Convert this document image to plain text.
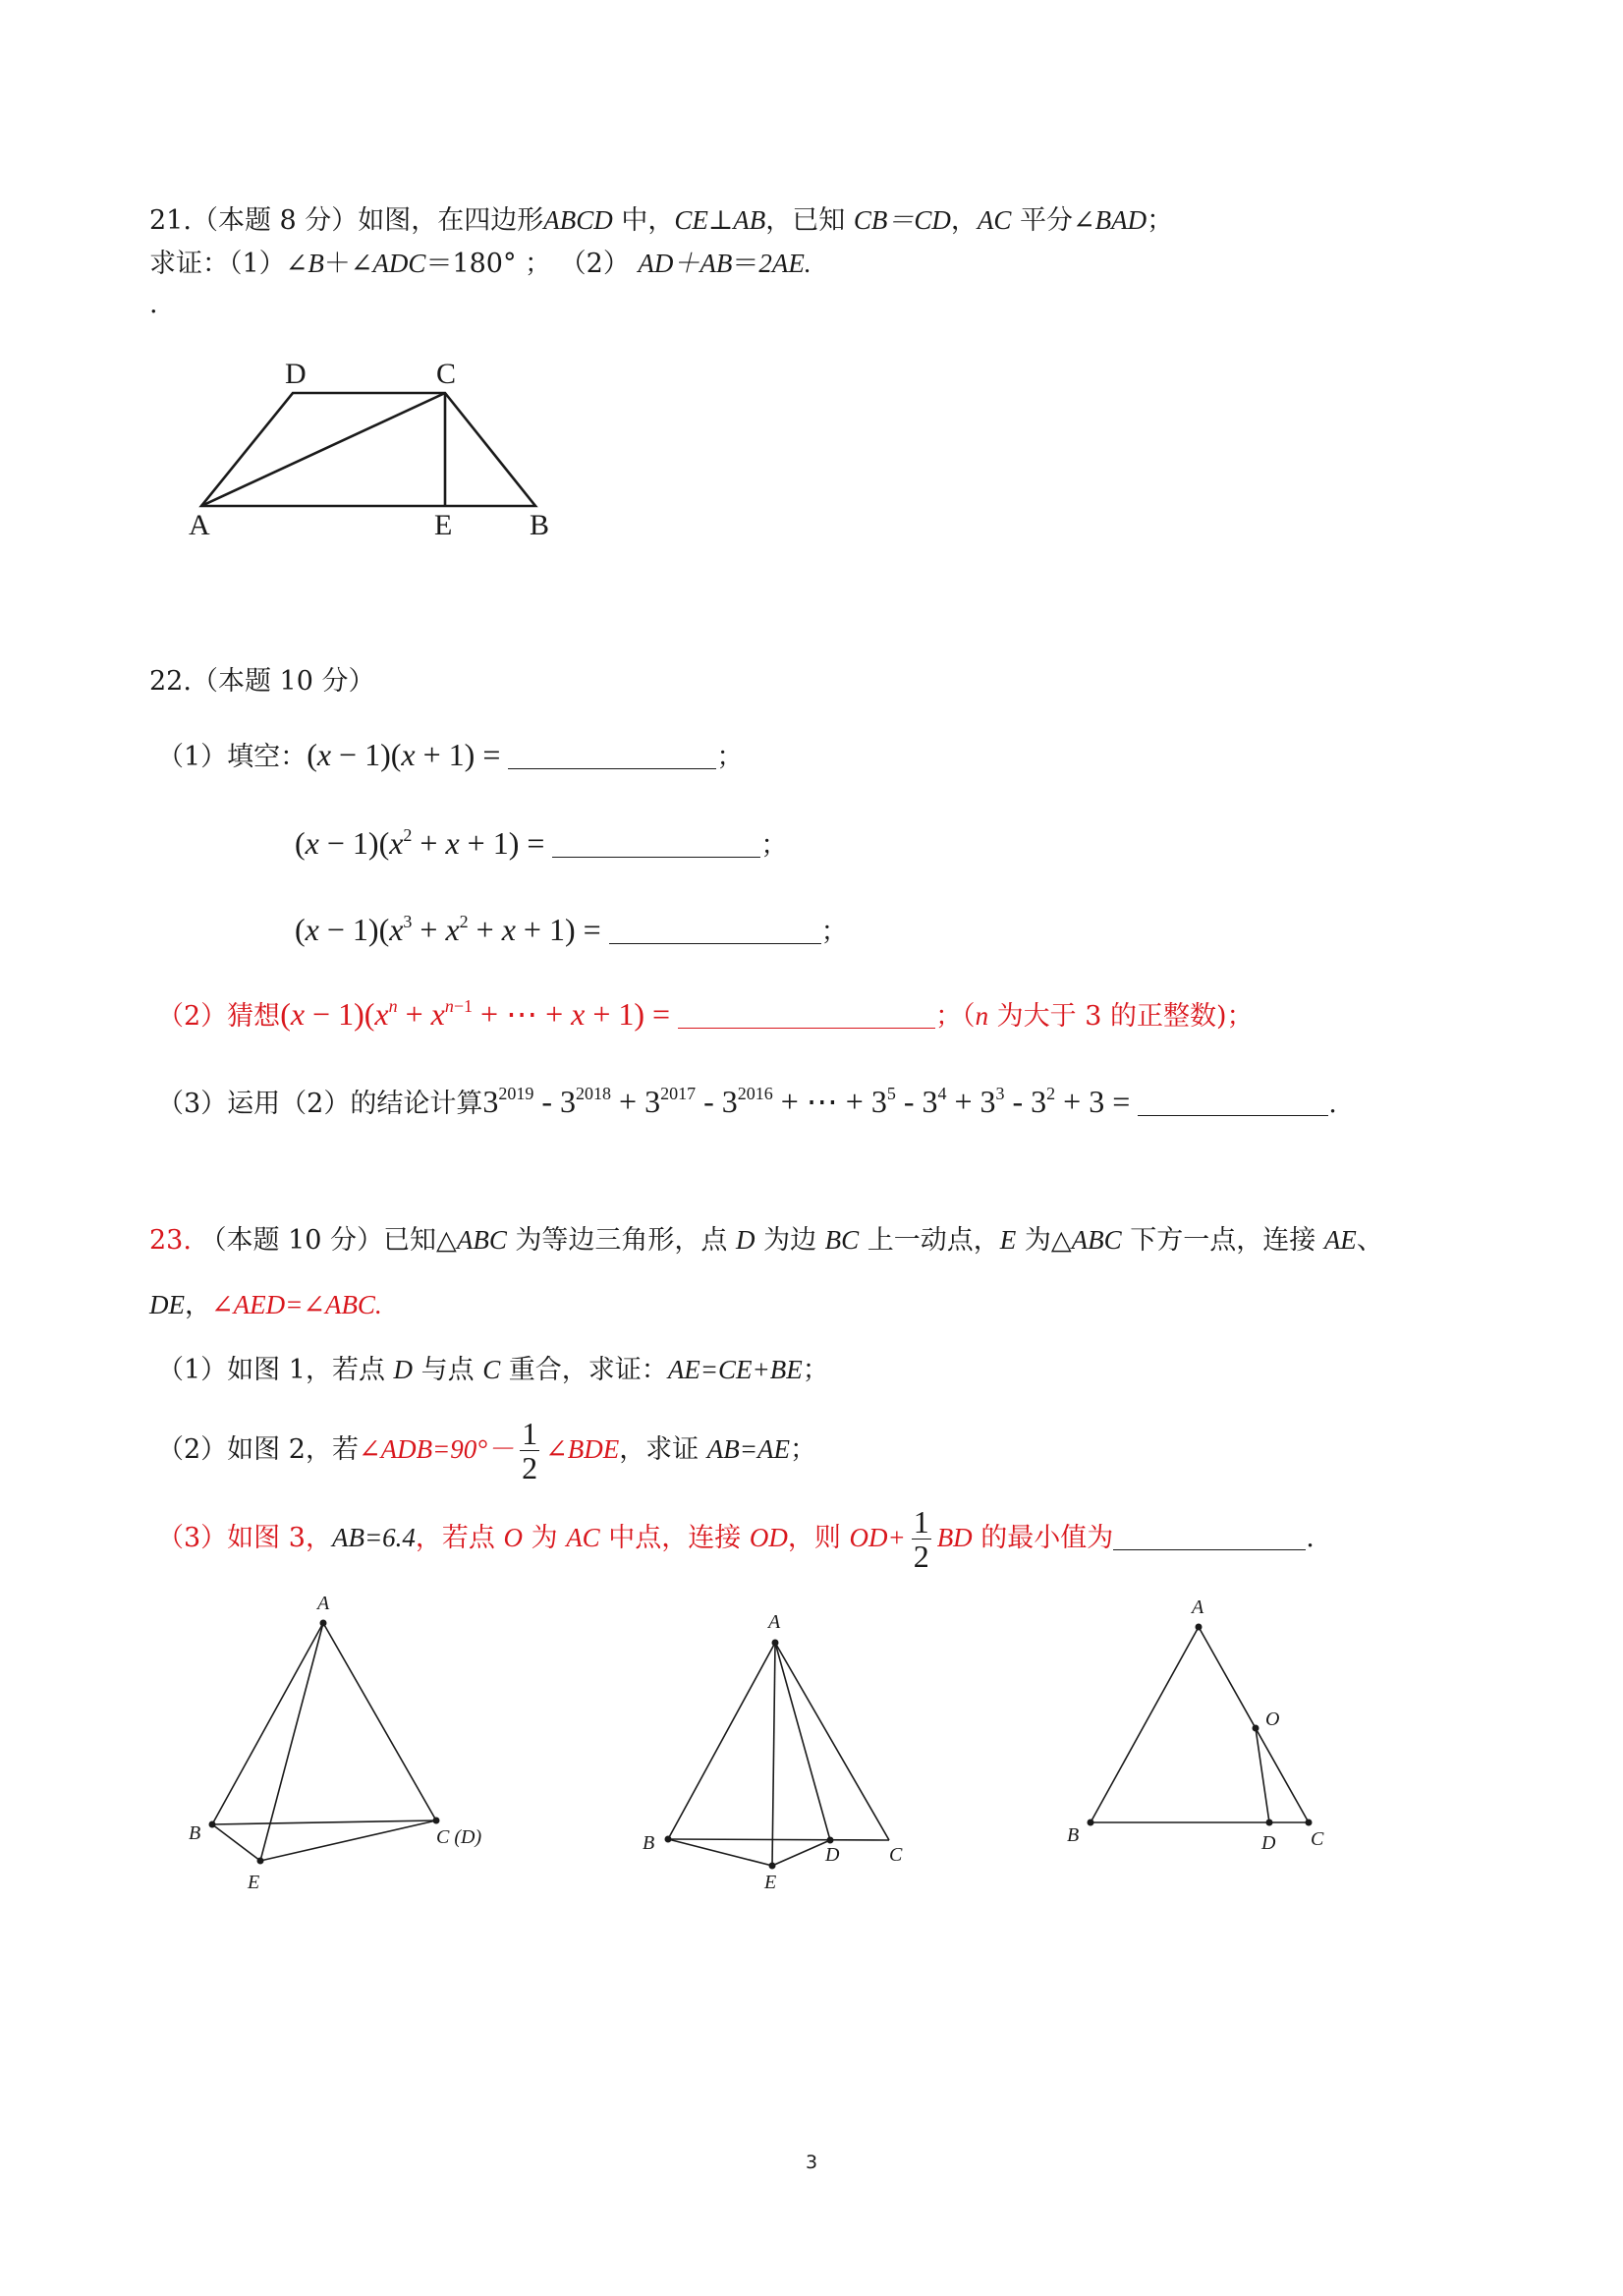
21.（本题 8 分）如图，在四边形ABCD 中，CE⊥AB，已知 CB＝CD，AC 平分∠BAD；
求证：（1）∠B＋∠ADC＝180° ； （2） AD＋AB＝2AE.
.
D	C
A	E	B
22.（本题 10 分）
（1）填空：(x − 1)(x + 1) =	；
$(x - 1)(x^2 + x + 1)$ =	；
$(x - 1)(x^3 + x^2 + x + 1)$ =	；
（2）猜想$(x - 1)(x^n + x^{n-1}$ + ⋯ + x + 1) =	；（n 为大于 3 的正整数)；
（3）运用（2）的结论计算$3^{2019} - 3^{2018} + 3^{2017} - 3^{2016}$ + ⋯ + $3^5 - 3^4 + 3^3 - 3^2 + 3$ =	.
23. （本题 10 分）已知△ABC 为等边三角形，点 D 为边 BC 上一动点，E 为△ABC 下方一点，连接 AE、
DE，∠AED=∠ABC.
（1）如图 1，若点 D 与点 C 重合，求证：AE=CE+BE；
（2）如图 2，若∠ADB=90°－ $\frac{1}{2}$ ∠BDE，求证 AB=AE；
（3）如图 3，AB=6.4，若点 O 为 AC 中点，连接 OD，则 $OD+ \frac{1}{2}$ BD 的最小值为	.
A
B	C (D)
E
A
B
D	C
E
A
O
B	D C
3
